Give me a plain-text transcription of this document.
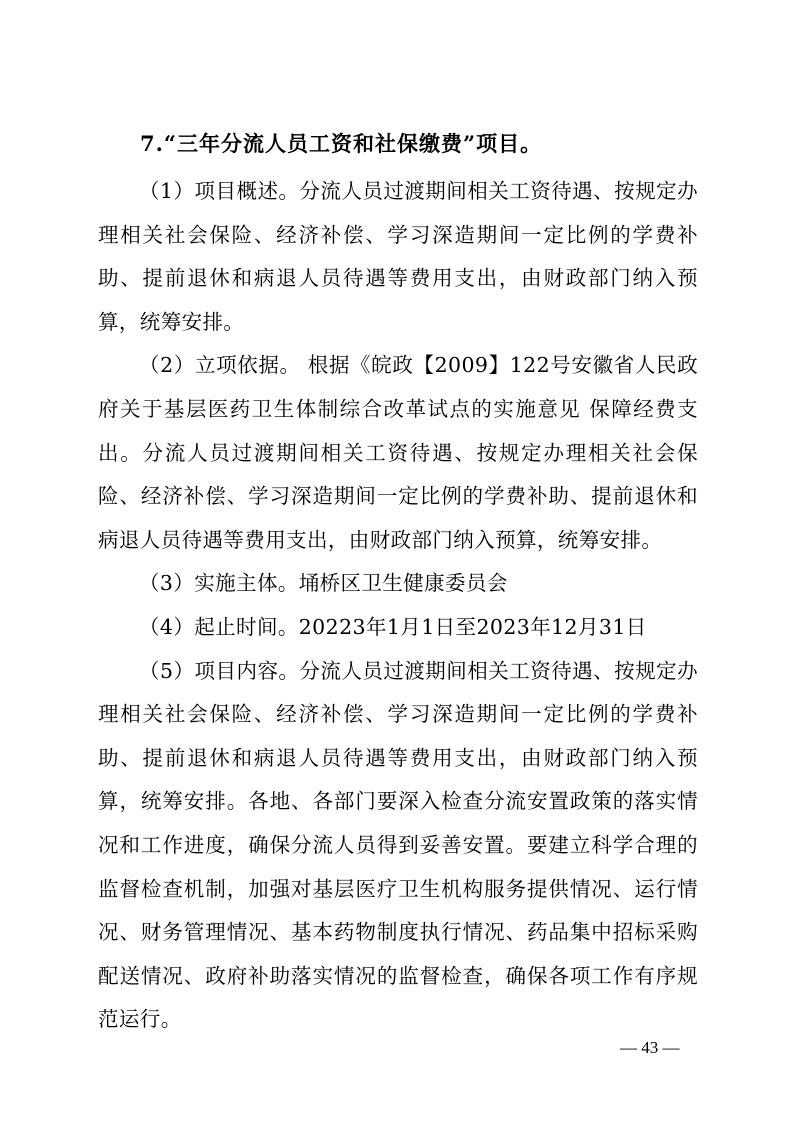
7.“三年分流人员工资和社保缴费”项目。

（1）项目概述。分流人员过渡期间相关工资待遇、按规定办理相关社会保险、经济补偿、学习深造期间一定比例的学费补助、提前退休和病退人员待遇等费用支出，由财政部门纳入预算，统筹安排。

（2）立项依据。 根据《皖政【2009】122号安徽省人民政府关于基层医药卫生体制综合改革试点的实施意见 保障经费支出。分流人员过渡期间相关工资待遇、按规定办理相关社会保险、经济补偿、学习深造期间一定比例的学费补助、提前退休和病退人员待遇等费用支出，由财政部门纳入预算，统筹安排。

（3）实施主体。埇桥区卫生健康委员会

（4）起止时间。20223年1月1日至2023年12月31日

（5）项目内容。分流人员过渡期间相关工资待遇、按规定办理相关社会保险、经济补偿、学习深造期间一定比例的学费补助、提前退休和病退人员待遇等费用支出，由财政部门纳入预算，统筹安排。各地、各部门要深入检查分流安置政策的落实情况和工作进度，确保分流人员得到妥善安置。要建立科学合理的监督检查机制，加强对基层医疗卫生机构服务提供情况、运行情况、财务管理情况、基本药物制度执行情况、药品集中招标采购配送情况、政府补助落实情况的监督检查，确保各项工作有序规范运行。

— 43 —
